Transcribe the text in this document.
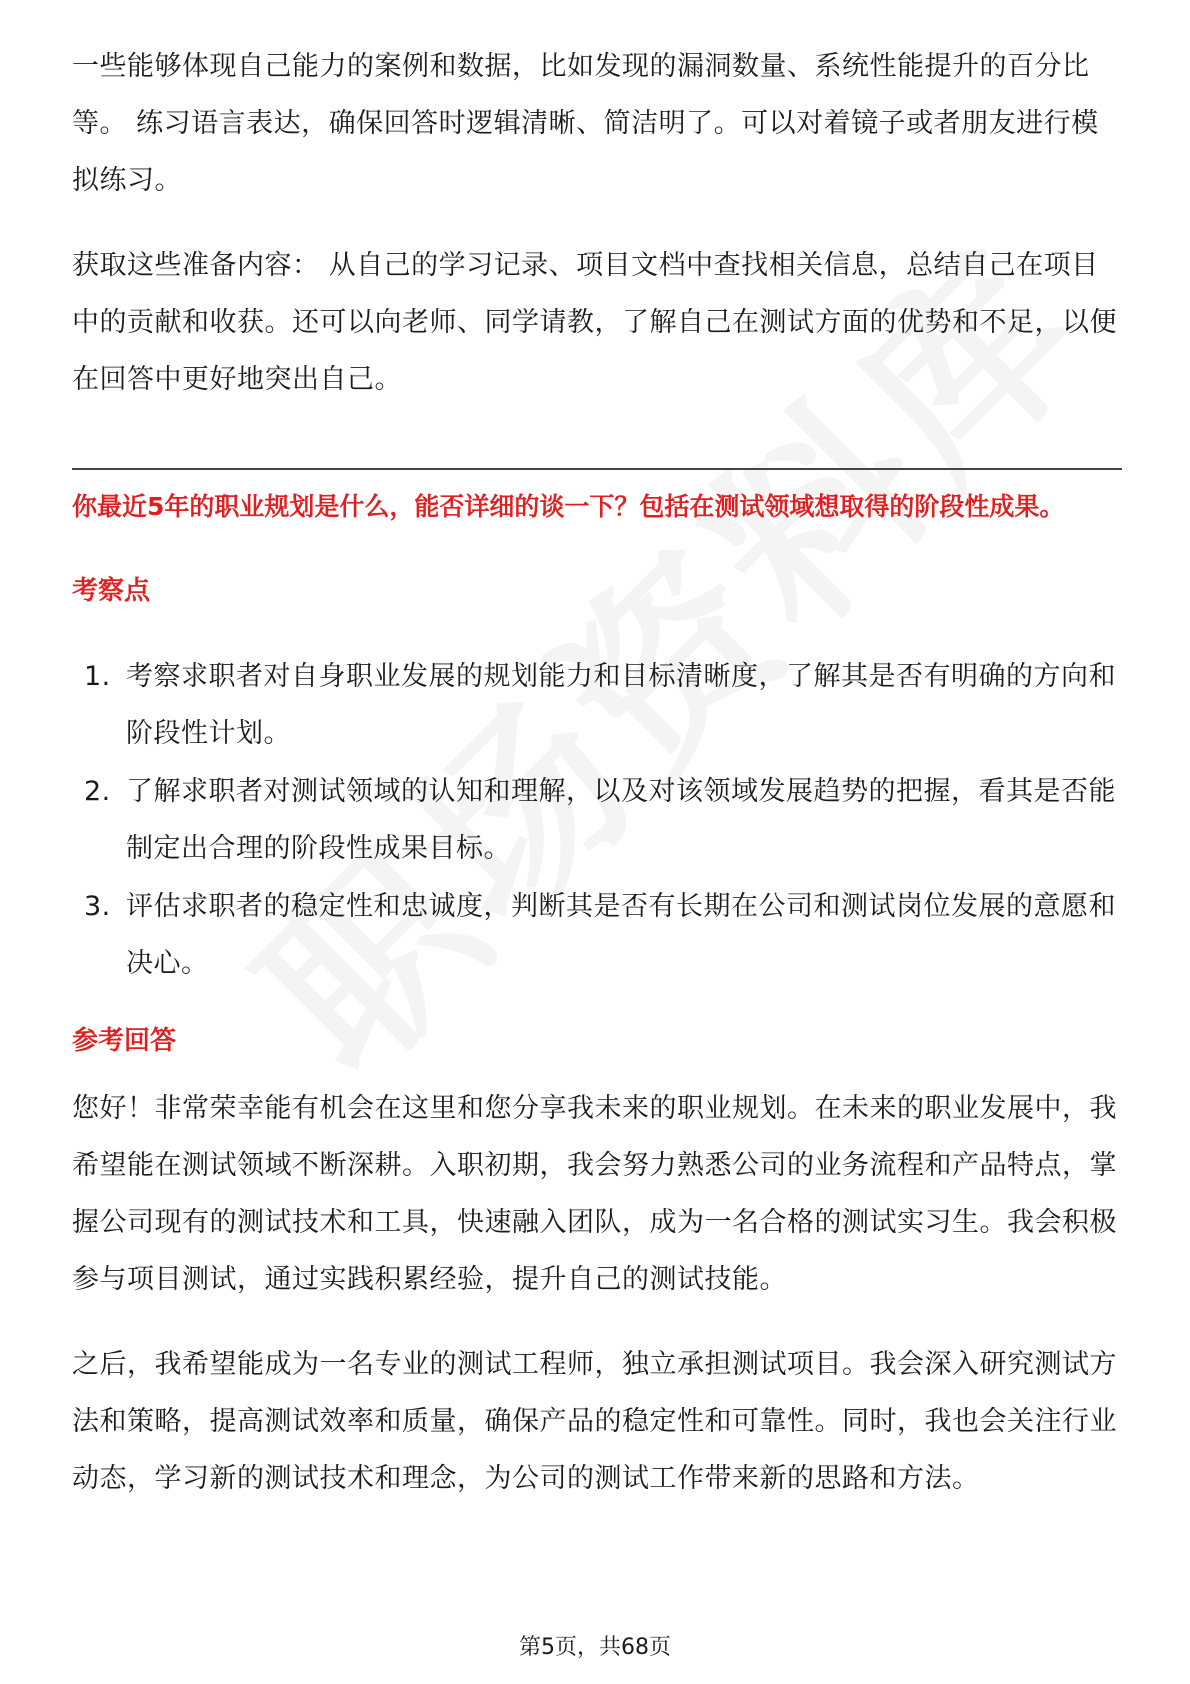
一些能够体现自己能力的案例和数据，比如发现的漏洞数量、系统性能提升的百分比等。 练习语言表达，确保回答时逻辑清晰、简洁明了。可以对着镜子或者朋友进行模拟练习。

获取这些准备内容： 从自己的学习记录、项目文档中查找相关信息，总结自己在项目中的贡献和收获。还可以向老师、同学请教，了解自己在测试方面的优势和不足，以便在回答中更好地突出自己。

你最近5年的职业规划是什么，能否详细的谈一下？包括在测试领域想取得的阶段性成果。

考察点

1. 考察求职者对自身职业发展的规划能力和目标清晰度，了解其是否有明确的方向和阶段性计划。
2. 了解求职者对测试领域的认知和理解，以及对该领域发展趋势的把握，看其是否能制定出合理的阶段性成果目标。
3. 评估求职者的稳定性和忠诚度，判断其是否有长期在公司和测试岗位发展的意愿和决心。

参考回答

您好！非常荣幸能有机会在这里和您分享我未来的职业规划。在未来的职业发展中，我希望能在测试领域不断深耕。入职初期，我会努力熟悉公司的业务流程和产品特点，掌握公司现有的测试技术和工具，快速融入团队，成为一名合格的测试实习生。我会积极参与项目测试，通过实践积累经验，提升自己的测试技能。

之后，我希望能成为一名专业的测试工程师，独立承担测试项目。我会深入研究测试方法和策略，提高测试效率和质量，确保产品的稳定性和可靠性。同时，我也会关注行业动态，学习新的测试技术和理念，为公司的测试工作带来新的思路和方法。

第5页，共68页
